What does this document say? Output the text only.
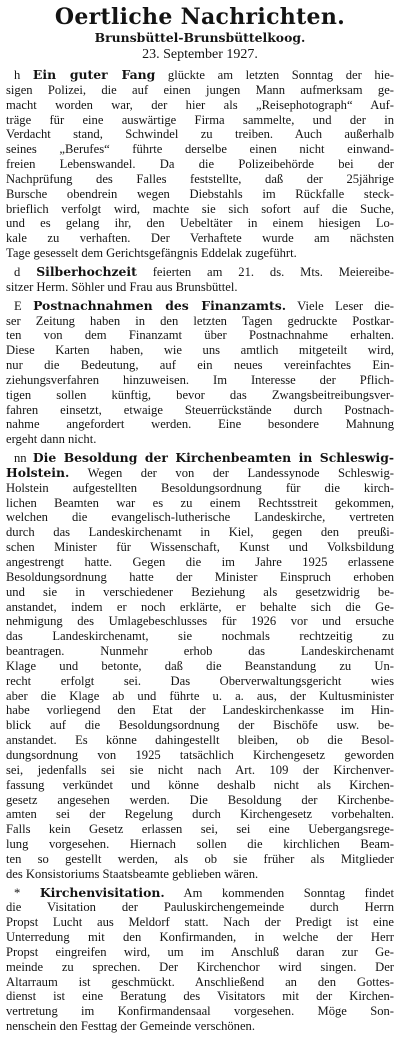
Oertliche Nachrichten.
Brunsbüttel-Brunsbüttelkoog.
23. September 1927.
h Ein guter Fang glückte am letzten Sonntag der hie-
sigen Polizei, die auf einen jungen Mann aufmerksam ge-
macht worden war, der hier als „Reisephotograph“ Auf-
träge für eine auswärtige Firma sammelte, und der in
Verdacht stand, Schwindel zu treiben. Auch außerhalb
seines „Berufes“ führte derselbe einen nicht einwand-
freien Lebenswandel. Da die Polizeibehörde bei der
Nachprüfung des Falles feststellte, daß der 25jährige
Bursche obendrein wegen Diebstahls im Rückfalle steck-
brieflich verfolgt wird, machte sie sich sofort auf die Suche,
und es gelang ihr, den Uebeltäter in einem hiesigen Lo-
kale zu verhaften. Der Verhaftete wurde am nächsten
Tage gesesselt dem Gerichtsgefängnis Eddelak zugeführt.
d Silberhochzeit feierten am 21. ds. Mts. Meiereibe-
sitzer Herm. Söhler und Frau aus Brunsbüttel.
E Postnachnahmen des Finanzamts. Viele Leser die-
ser Zeitung haben in den letzten Tagen gedruckte Postkar-
ten von dem Finanzamt über Postnachnahme erhalten.
Diese Karten haben, wie uns amtlich mitgeteilt wird,
nur die Bedeutung, auf ein neues vereinfachtes Ein-
ziehungsverfahren hinzuweisen. Im Interesse der Pflich-
tigen sollen künftig, bevor das Zwangsbeitreibungsver-
fahren einsetzt, etwaige Steuerrückstände durch Postnach-
nahme angefordert werden. Eine besondere Mahnung
ergeht dann nicht.
nn Die Besoldung der Kirchenbeamten in Schleswig-
Holstein. Wegen der von der Landessynode Schleswig-
Holstein aufgestellten Besoldungsordnung für die kirch-
lichen Beamten war es zu einem Rechtsstreit gekommen,
welchen die evangelisch-lutherische Landeskirche, vertreten
durch das Landeskirchenamt in Kiel, gegen den preußi-
schen Minister für Wissenschaft, Kunst und Volksbildung
angestrengt hatte. Gegen die im Jahre 1925 erlassene
Besoldungsordnung hatte der Minister Einspruch erhoben
und sie in verschiedener Beziehung als gesetzwidrig be-
anstandet, indem er noch erklärte, er behalte sich die Ge-
nehmigung des Umlagebeschlusses für 1926 vor und ersuche
das Landeskirchenamt, sie nochmals rechtzeitig zu
beantragen. Nunmehr erhob das Landeskirchenamt
Klage und betonte, daß die Beanstandung zu Un-
recht erfolgt sei. Das Oberverwaltungsgericht wies
aber die Klage ab und führte u. a. aus, der Kultusminister
habe vorliegend den Etat der Landeskirchenkasse im Hin-
blick auf die Besoldungsordnung der Bischöfe usw. be-
anstandet. Es könne dahingestellt bleiben, ob die Besol-
dungsordnung von 1925 tatsächlich Kirchengesetz geworden
sei, jedenfalls sei sie nicht nach Art. 109 der Kirchenver-
fassung verkündet und könne deshalb nicht als Kirchen-
gesetz angesehen werden. Die Besoldung der Kirchenbe-
amten sei der Regelung durch Kirchengesetz vorbehalten.
Falls kein Gesetz erlassen sei, sei eine Uebergangsrege-
lung vorgesehen. Hiernach sollen die kirchlichen Beam-
ten so gestellt werden, als ob sie früher als Mitglieder
des Konsistoriums Staatsbeamte geblieben wären.
* Kirchenvisitation. Am kommenden Sonntag findet
die Visitation der Pauluskirchengemeinde durch Herrn
Propst Lucht aus Meldorf statt. Nach der Predigt ist eine
Unterredung mit den Konfirmanden, in welche der Herr
Propst eingreifen wird, um im Anschluß daran zur Ge-
meinde zu sprechen. Der Kirchenchor wird singen. Der
Altarraum ist geschmückt. Anschließend an den Gottes-
dienst ist eine Beratung des Visitators mit der Kirchen-
vertretung im Konfirmandensaal vorgesehen. Möge Son-
nenschein den Festtag der Gemeinde verschönen.
